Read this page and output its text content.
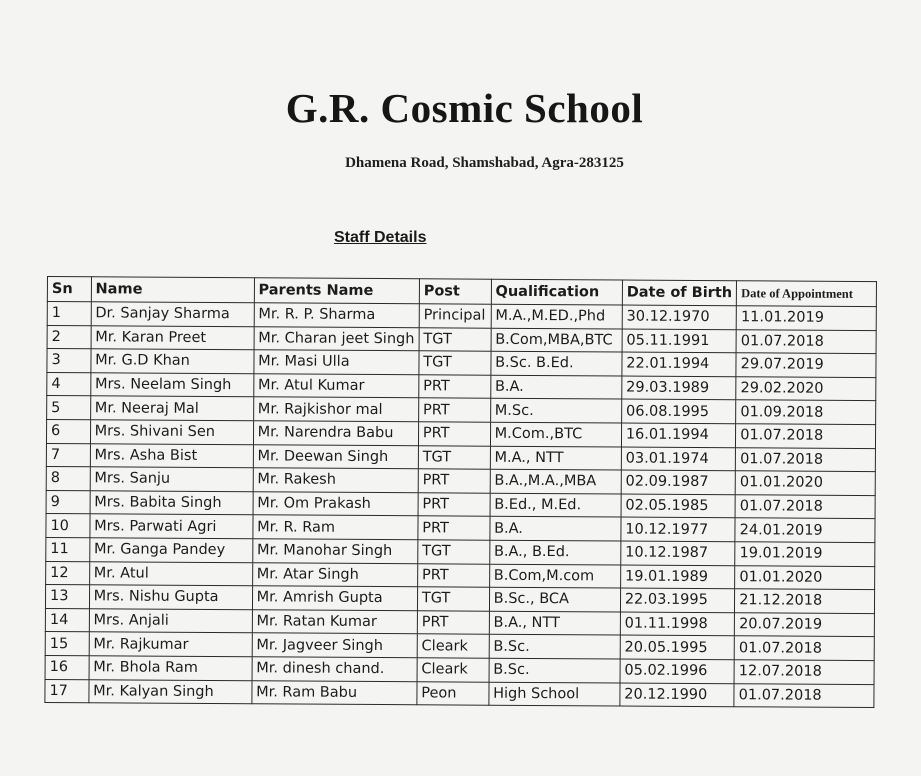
G.R. Cosmic School
Dhamena Road, Shamshabad, Agra-283125
Staff Details
Sn	Name	Parents Name	Post	Qualification	Date of Birth	Date of Appointment
1	Dr. Sanjay Sharma	Mr. R. P. Sharma	Principal	M.A.,M.ED.,Phd	30.12.1970	11.01.2019
2	Mr. Karan Preet	Mr. Charan jeet Singh	TGT	B.Com,MBA,BTC	05.11.1991	01.07.2018
3	Mr. G.D Khan	Mr. Masi Ulla	TGT	B.Sc. B.Ed.	22.01.1994	29.07.2019
4	Mrs. Neelam Singh	Mr. Atul Kumar	PRT	B.A.	29.03.1989	29.02.2020
5	Mr. Neeraj Mal	Mr. Rajkishor mal	PRT	M.Sc.	06.08.1995	01.09.2018
6	Mrs. Shivani Sen	Mr. Narendra Babu	PRT	M.Com.,BTC	16.01.1994	01.07.2018
7	Mrs. Asha Bist	Mr. Deewan Singh	TGT	M.A., NTT	03.01.1974	01.07.2018
8	Mrs. Sanju	Mr. Rakesh	PRT	B.A.,M.A.,MBA	02.09.1987	01.01.2020
9	Mrs. Babita Singh	Mr. Om Prakash	PRT	B.Ed., M.Ed.	02.05.1985	01.07.2018
10	Mrs. Parwati Agri	Mr. R. Ram	PRT	B.A.	10.12.1977	24.01.2019
11	Mr. Ganga Pandey	Mr. Manohar Singh	TGT	B.A., B.Ed.	10.12.1987	19.01.2019
12	Mr. Atul	Mr. Atar Singh	PRT	B.Com,M.com	19.01.1989	01.01.2020
13	Mrs. Nishu Gupta	Mr. Amrish Gupta	TGT	B.Sc., BCA	22.03.1995	21.12.2018
14	Mrs. Anjali	Mr. Ratan Kumar	PRT	B.A., NTT	01.11.1998	20.07.2019
15	Mr. Rajkumar	Mr. Jagveer Singh	Cleark	B.Sc.	20.05.1995	01.07.2018
16	Mr. Bhola Ram	Mr. dinesh chand.	Cleark	B.Sc.	05.02.1996	12.07.2018
17	Mr. Kalyan Singh	Mr. Ram Babu	Peon	High School	20.12.1990	01.07.2018
